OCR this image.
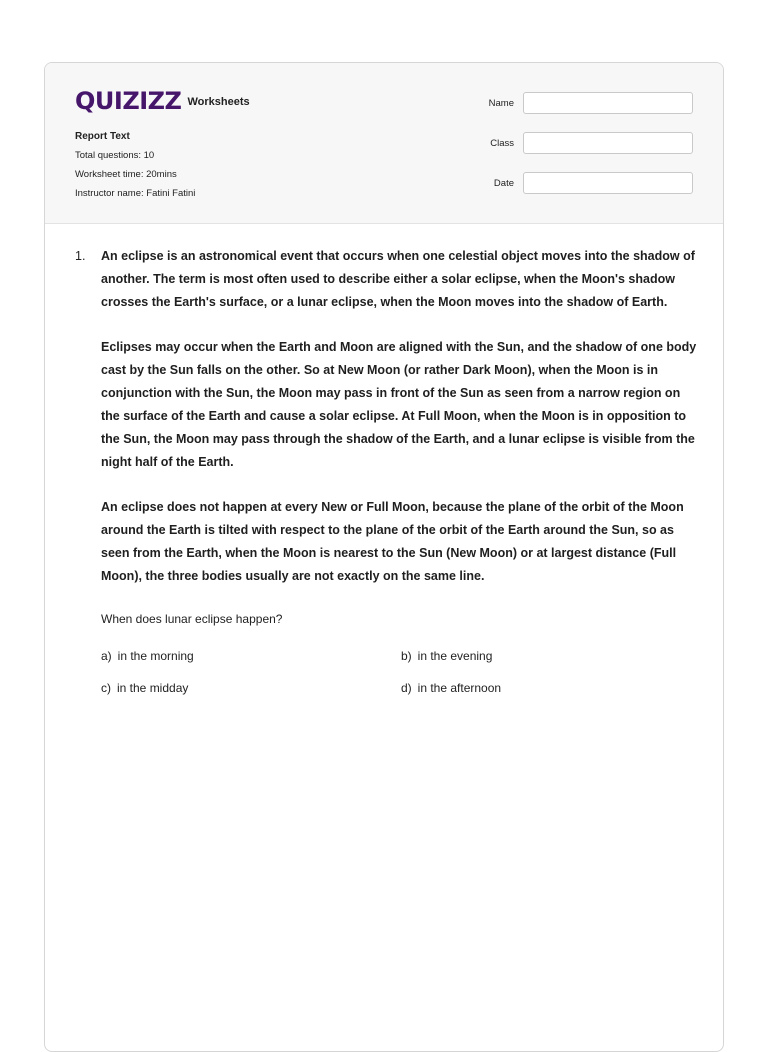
QUIZIZZ Worksheets
Report Text
Total questions: 10
Worksheet time: 20mins
Instructor name: Fatini Fatini
Name
Class
Date
1. An eclipse is an astronomical event that occurs when one celestial object moves into the shadow of another. The term is most often used to describe either a solar eclipse, when the Moon's shadow crosses the Earth's surface, or a lunar eclipse, when the Moon moves into the shadow of Earth.

Eclipses may occur when the Earth and Moon are aligned with the Sun, and the shadow of one body cast by the Sun falls on the other. So at New Moon (or rather Dark Moon), when the Moon is in conjunction with the Sun, the Moon may pass in front of the Sun as seen from a narrow region on the surface of the Earth and cause a solar eclipse. At Full Moon, when the Moon is in opposition to the Sun, the Moon may pass through the shadow of the Earth, and a lunar eclipse is visible from the night half of the Earth.

An eclipse does not happen at every New or Full Moon, because the plane of the orbit of the Moon around the Earth is tilted with respect to the plane of the orbit of the Earth around the Sun, so as seen from the Earth, when the Moon is nearest to the Sun (New Moon) or at largest distance (Full Moon), the three bodies usually are not exactly on the same line.

When does lunar eclipse happen?
a) in the morning	b) in the evening
c) in the midday	d) in the afternoon
